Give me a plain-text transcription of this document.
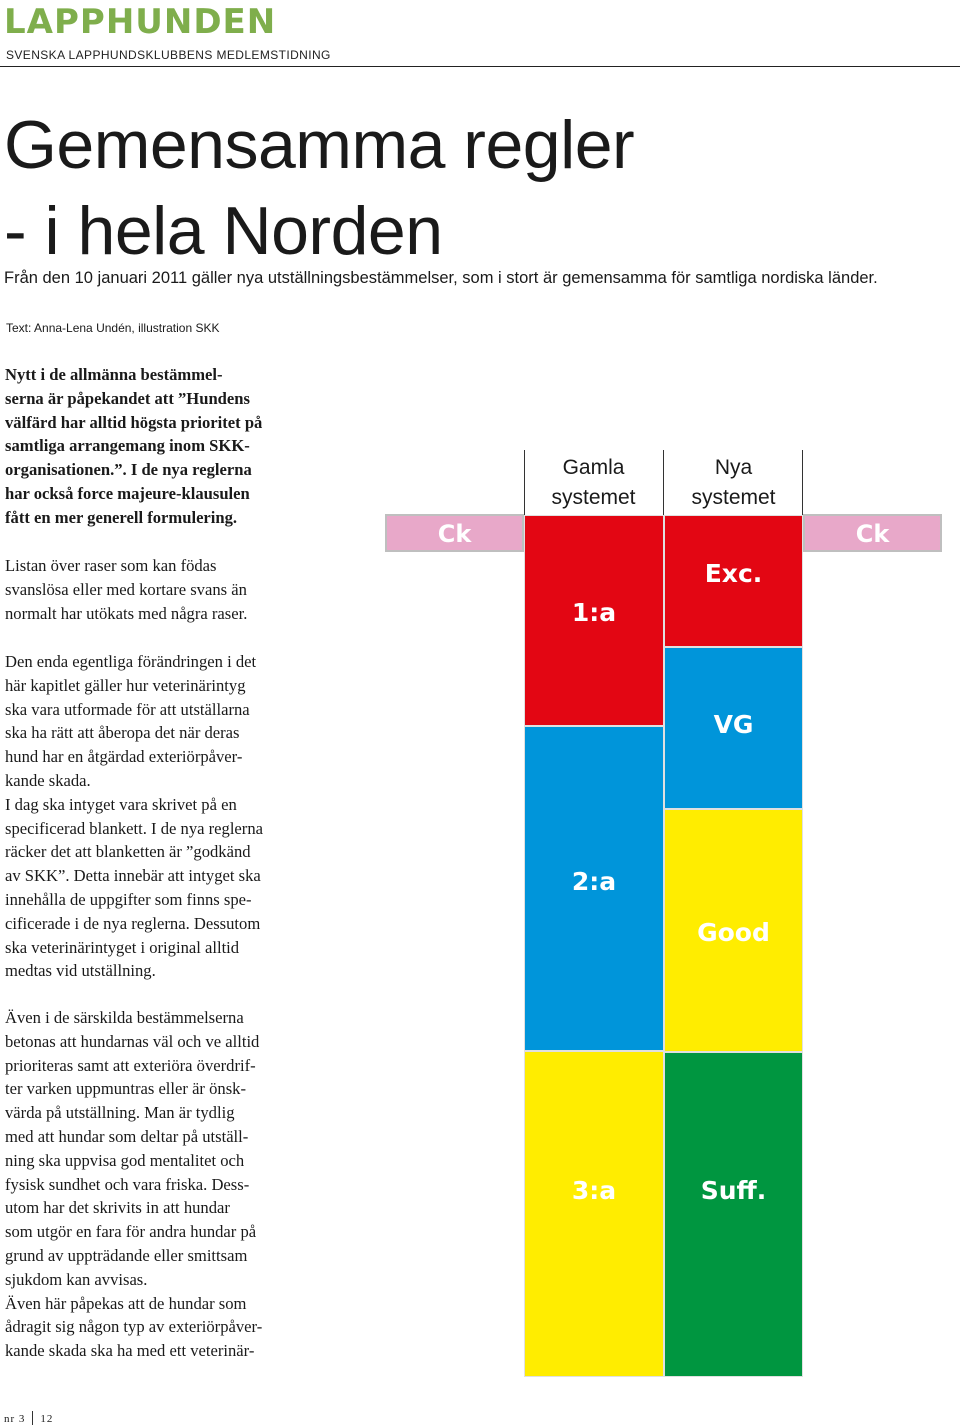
LAPPHUNDEN
SVENSKA LAPPHUNDSKLUBBENS MEDLEMSTIDNING
Gemensamma regler
- i hela Norden
Från den 10 januari 2011 gäller nya utställningsbestämmelser, som i stort är gemensamma för samtliga nordiska länder.
Text: Anna-Lena Undén, illustration SKK

Nytt i de allmänna bestämmel-
serna är påpekandet att ”Hundens
välfärd har alltid högsta prioritet på
samtliga arrangemang inom SKK-
organisationen.”. I de nya reglerna
har också force majeure-klausulen
fått en mer generell formulering.

Listan över raser som kan födas
svanslösa eller med kortare svans än
normalt har utökats med några raser.

Den enda egentliga förändringen i det
här kapitlet gäller hur veterinärintyg
ska vara utformade för att utställarna
ska ha rätt att åberopa det när deras
hund har en åtgärdad exteriörpåver-
kande skada.
I dag ska intyget vara skrivet på en
specificerad blankett. I de nya reglerna
räcker det att blanketten är ”godkänd
av SKK”. Detta innebär att intyget ska
innehålla de uppgifter som finns spe-
cificerade i de nya reglerna. Dessutom
ska veterinärintyget i original alltid
medtas vid utställning.

Även i de särskilda bestämmelserna
betonas att hundarnas väl och ve alltid
prioriteras samt att exteriöra överdrif-
ter varken uppmuntras eller är önsk-
värda på utställning. Man är tydlig
med att hundar som deltar på utställ-
ning ska uppvisa god mentalitet och
fysisk sundhet och vara friska. Dess-
utom har det skrivits in att hundar
som utgör en fara för andra hundar på
grund av uppträdande eller smittsam
sjukdom kan avvisas.
Även här påpekas att de hundar som
ådragit sig någon typ av exteriörpåver-
kande skada ska ha med ett veterinär-

Gamla
systemet
Nya
systemet
Ck	Ck
1:a
2:a
3:a
Exc.
VG
Good
Suff.
nr 3 12
